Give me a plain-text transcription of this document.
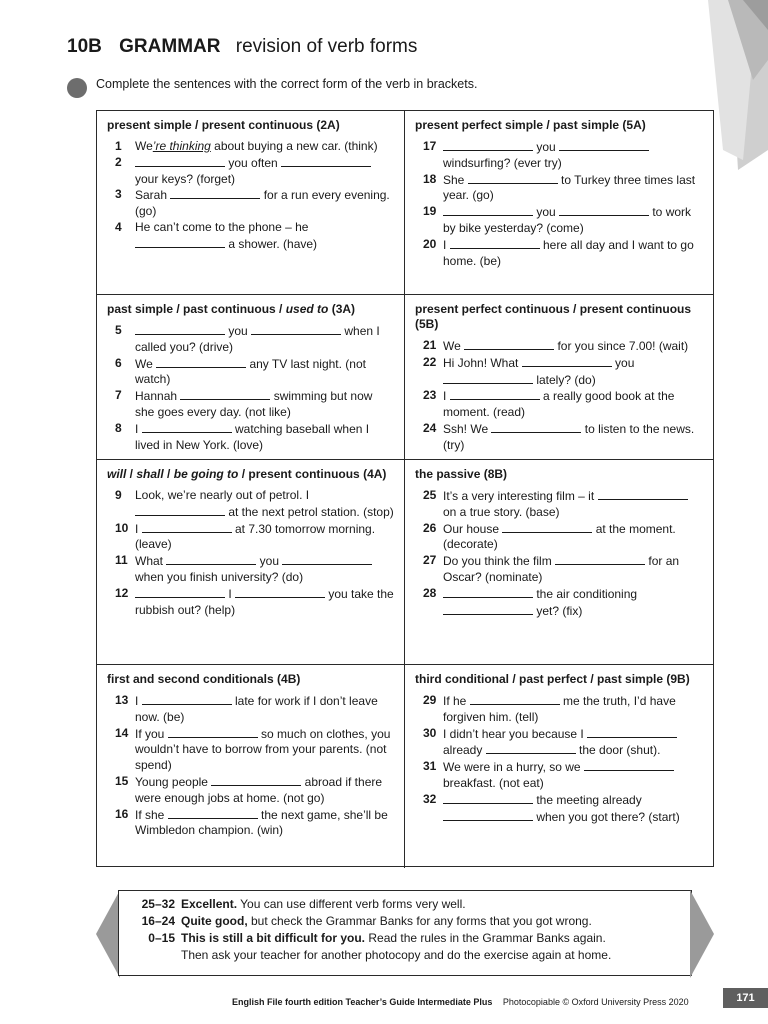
10B GRAMMAR revision of verb forms
Complete the sentences with the correct form of the verb in brackets.
present simple / present continuous (2A)
1	We’re thinking about buying a new car. (think)
2	you often  your keys? (forget)
3	Sarah	for a run every evening. (go)
4	He can’t come to the phone – he  a shower. (have)
present perfect simple / past simple (5A)
17	you  windsurfing? (ever try)
18 She	to Turkey three times last year. (go)
19	you	to work by bike yesterday? (come)
20 I	here all day and I want to go home. (be)
past simple / past continuous / used to (3A)
5	you	when I called you? (drive)
6	We	any TV last night. (not watch)
7	Hannah	swimming but now she goes every day. (not like)
8	I	watching baseball when I lived in New York. (love)
present perfect continuous / present continuous (5B)
21 We	for you since 7.00! (wait)
22 Hi John! What	you  lately? (do)
23 I	a really good book at the moment. (read)
24 Ssh! We	to listen to the news. (try)
will / shall / be going to / present continuous (4A)
9	Look, we’re nearly out of petrol. I  at the next petrol station. (stop)
10 I	at 7.30 tomorrow morning. (leave)
11 What	you  when you finish university? (do)
12	I	you take the rubbish out? (help)
the passive (8B)
25 It’s a very interesting film – it  on a true story. (base)
26 Our house	at the moment. (decorate)
27 Do you think the film	for an Oscar? (nominate)
28	the air conditioning  yet? (fix)
first and second conditionals (4B)
13 I	late for work if I don’t leave now. (be)
14 If you	so much on clothes, you wouldn’t have to borrow from your parents. (not spend)
15 Young people	abroad if there were enough jobs at home. (not go)
16 If she	the next game, she’ll be Wimbledon champion. (win)
third conditional / past perfect / past simple (9B)
29 If he	me the truth, I’d have forgiven him. (tell)
30 I didn’t hear you because I  already	the door (shut).
31 We were in a hurry, so we  breakfast. (not eat)
32	the meeting already  when you got there? (start)
25–32 Excellent. You can use different verb forms very well.
16–24 Quite good, but check the Grammar Banks for any forms that you got wrong.
0–15 This is still a bit difficult for you. Read the rules in the Grammar Banks again.
Then ask your teacher for another photocopy and do the exercise again at home.
English File fourth edition Teacher’s Guide Intermediate Plus Photocopiable © Oxford University Press 2020	171
